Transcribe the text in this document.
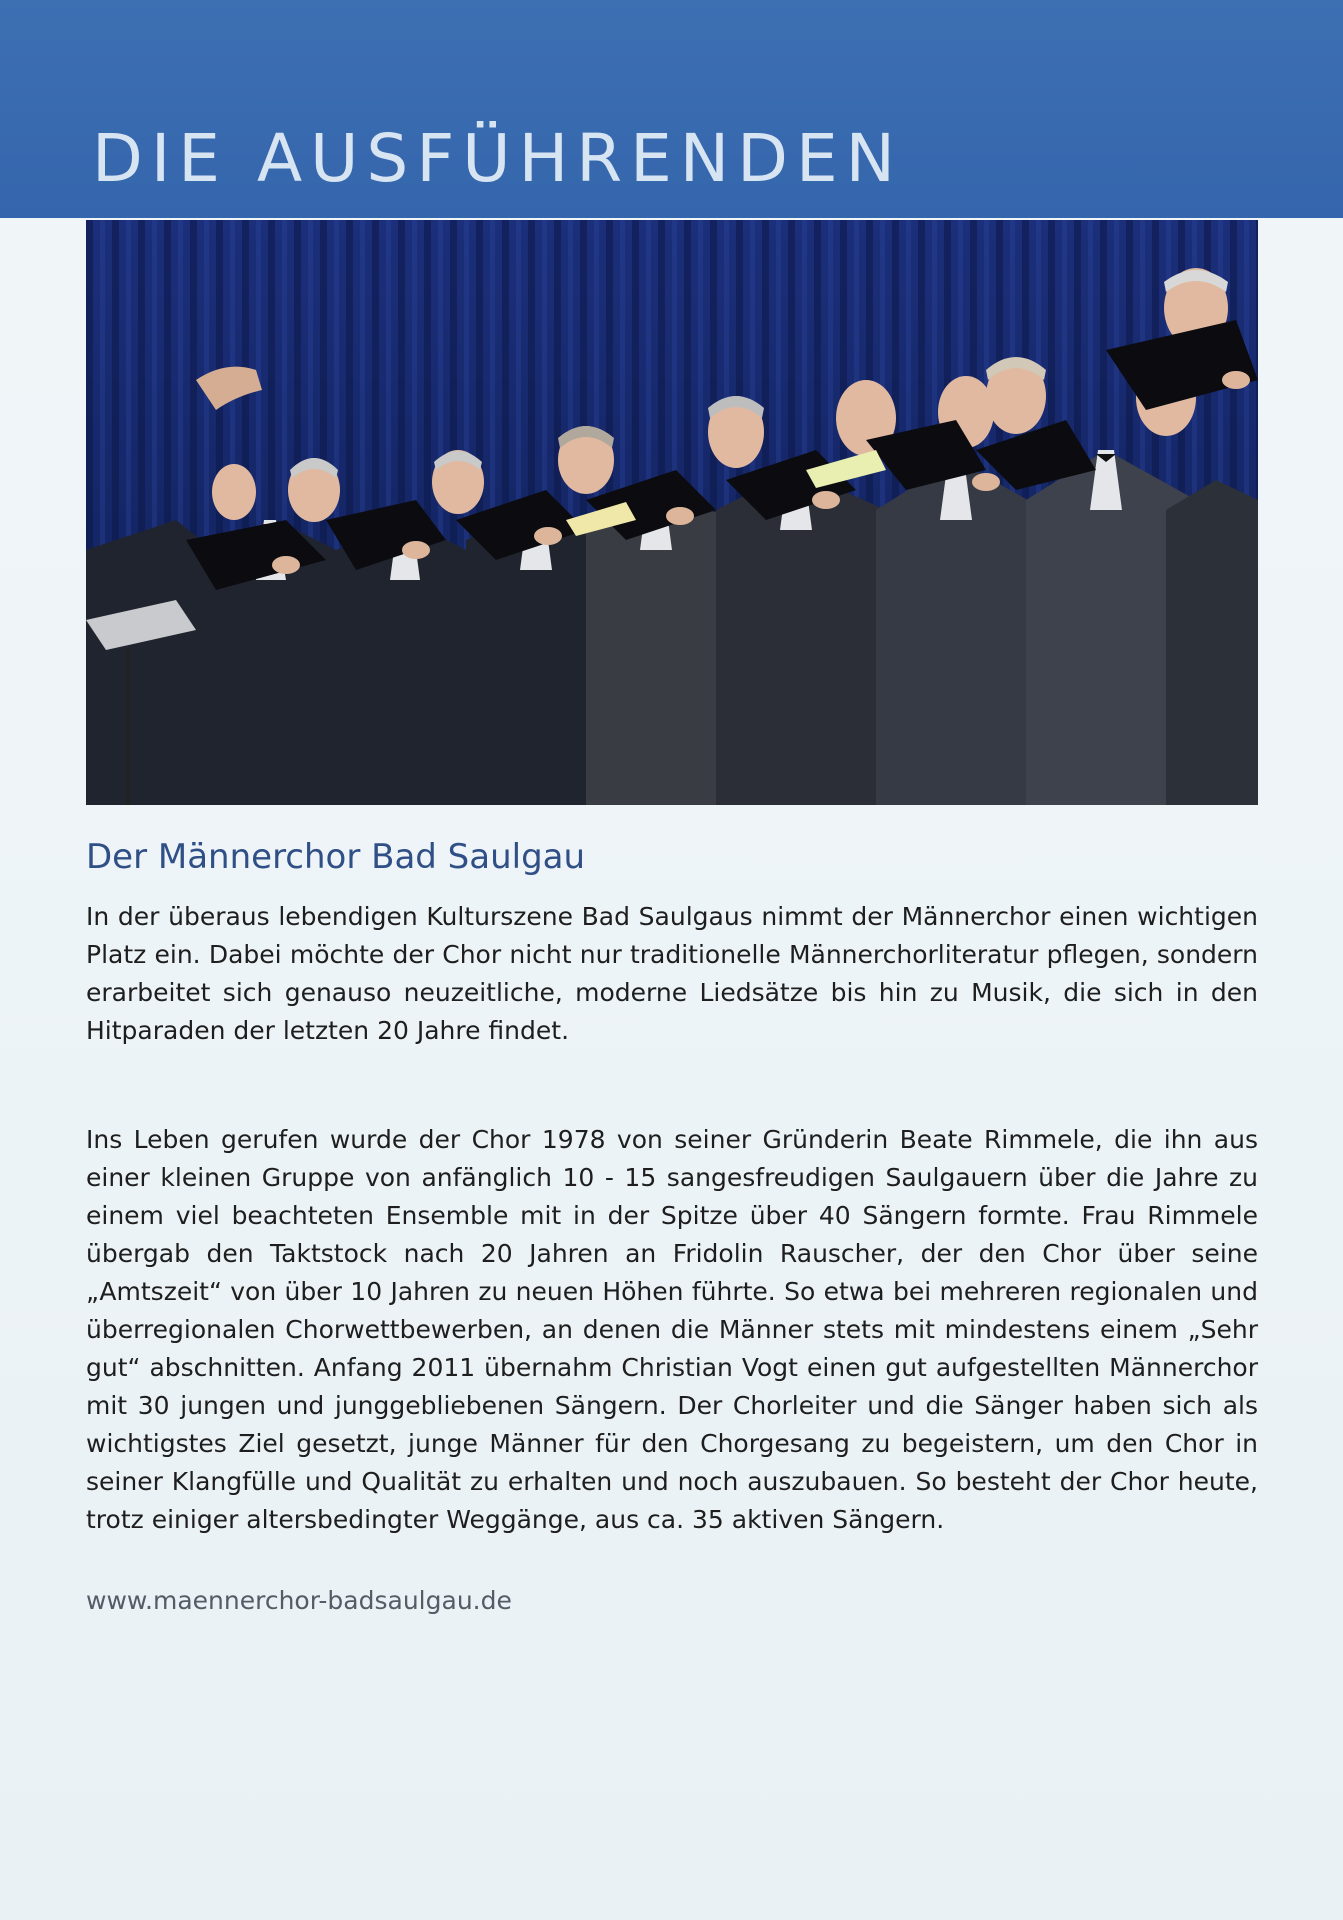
DIE AUSFÜHRENDEN
Der Männerchor Bad Saulgau

In der überaus lebendigen Kulturszene Bad Saulgaus nimmt der Männerchor einen wichtigen Platz ein. Dabei möchte der Chor nicht nur traditionelle Männerchorliteratur pflegen, sondern erarbeitet sich genauso neuzeitliche, moderne Liedsätze bis hin zu Musik, die sich in den Hitparaden der letzten 20 Jahre findet.

Ins Leben gerufen wurde der Chor 1978 von seiner Gründerin Beate Rimmele, die ihn aus einer kleinen Gruppe von anfänglich 10 - 15 sangesfreudigen Saulgauern über die Jahre zu einem viel beachteten Ensemble mit in der Spitze über 40 Sängern formte. Frau Rimmele übergab den Taktstock nach 20 Jahren an Fridolin Rauscher, der den Chor über seine „Amtszeit“ von über 10 Jahren zu neuen Höhen führte. So etwa bei mehreren regionalen und überregionalen Chorwettbewerben, an denen die Männer stets mit mindestens einem „Sehr gut“ abschnitten. Anfang 2011 übernahm Christian Vogt einen gut aufgestellten Männerchor mit 30 jungen und junggebliebenen Sängern. Der Chorleiter und die Sänger haben sich als wichtigstes Ziel gesetzt, junge Männer für den Chorgesang zu begeistern, um den Chor in seiner Klangfülle und Qualität zu erhalten und noch auszubauen. So besteht der Chor heute, trotz einiger altersbedingter Weggänge, aus ca. 35 aktiven Sängern.

www.maennerchor-badsaulgau.de
